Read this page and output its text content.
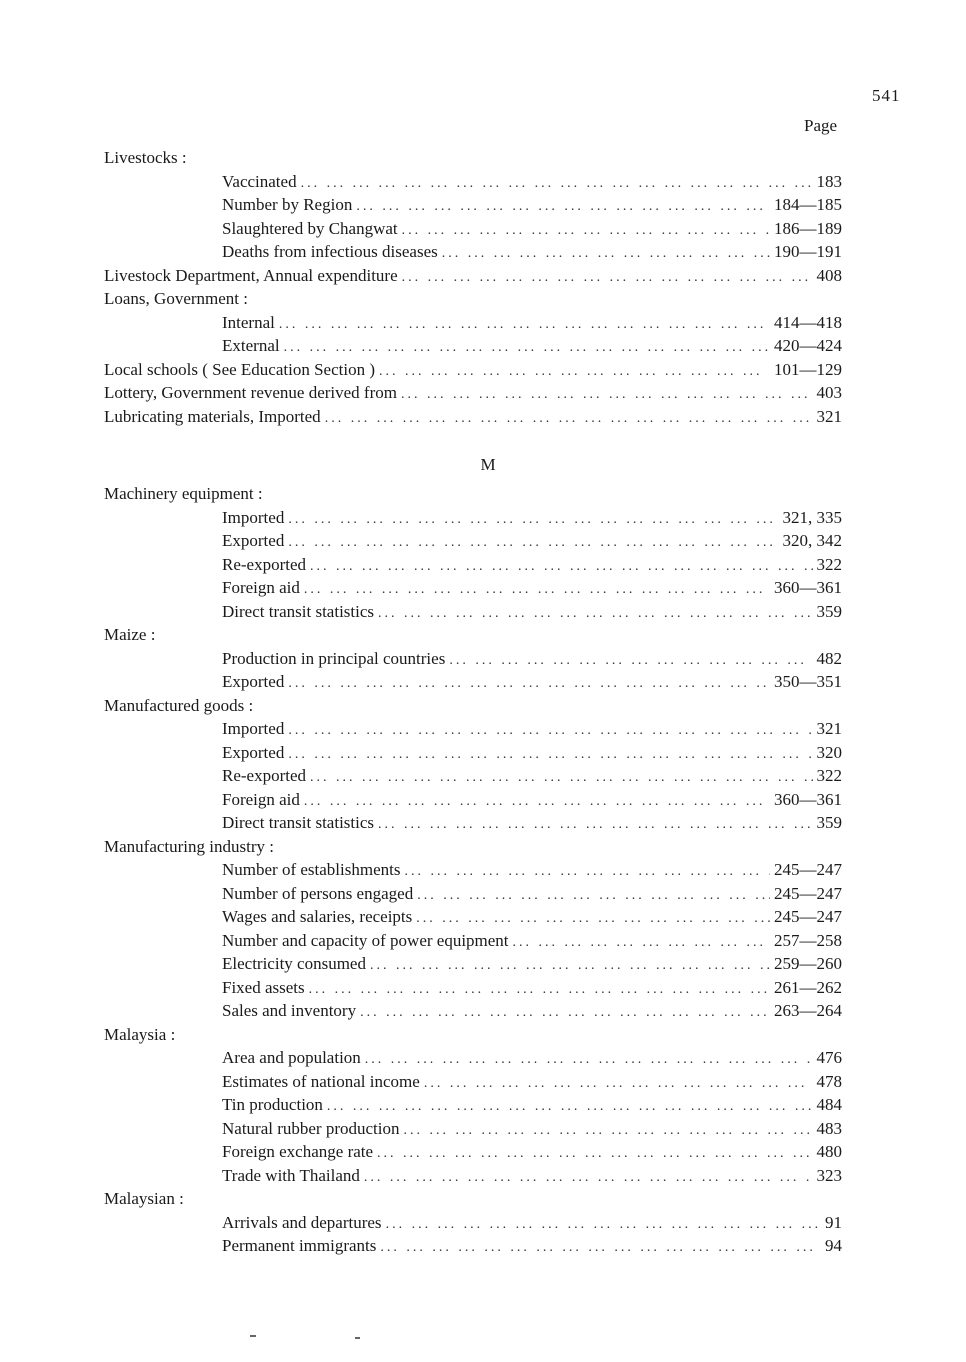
541
Page
Livestocks :
Vaccinated ... .	183
Number by Region ... .	184—185
Slaughtered by Changwat ... .	186—189
Deaths from infectious diseases ... .	190—191
Livestock Department, Annual expenditure ... .	408
Loans, Government :
Internal ... .	414—418
External ... .	420—424
Local schools ( See Education Section ) ... .	101—129
Lottery, Government revenue derived from ... .	403
Lubricating materials, Imported ... .	321
M
Machinery equipment :
Imported ... .	321, 335
Exported ... .	320, 342
Re-exported ... .	322
Foreign aid ... .	360—361
Direct transit statistics ... .	359
Maize :
Production in principal countries ... .	482
Exported ... .	350—351
Manufactured goods :
Imported ... .	321
Exported ... .	320
Re-exported ... .	322
Foreign aid ... .	360—361
Direct transit statistics ... .	359
Manufacturing industry :
Number of establishments ... .	245—247
Number of persons engaged ... .	245—247
Wages and salaries, receipts ... .	245—247
Number and capacity of power equipment ... .	257—258
Electricity consumed ... .	259—260
Fixed assets ... .	261—262
Sales and inventory ... .	263—264
Malaysia :
Area and population ... .	476
Estimates of national income ... .	478
Tin production ... .	484
Natural rubber production ... .	483
Foreign exchange rate ... .	480
Trade with Thailand ... .	323
Malaysian :
Arrivals and departures ... .	91
Permanent immigrants ... .	94
